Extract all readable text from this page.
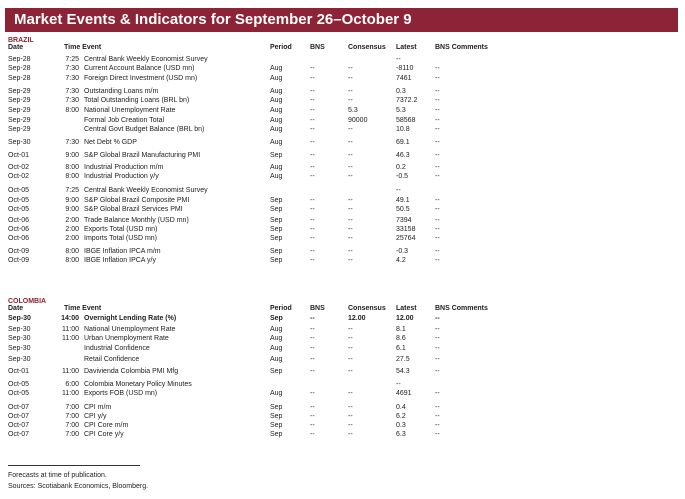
Market Events & Indicators for September 26–October 9
BRAZIL
Date	Time Event	Period	BNS	Consensus Latest	BNS Comments
Sep-28	7:25 Central Bank Weekly Economist Survey	--
Sep-28	7:30 Current Account Balance (USD mn)	Aug	--	--	-8110	--
Sep-28	7:30 Foreign Direct Investment (USD mn)	Aug	--	--	7461	--
Sep-29	7:30 Outstanding Loans m/m	Aug	--	--	0.3	--
Sep-29	7:30 Total Outstanding Loans (BRL bn)	Aug	--	--	7372.2	--
Sep-29	8:00 National Unemployment Rate	Aug	--	5.3	5.3	--
Sep-29	Formal Job Creation Total	Aug	--	90000	58568	--
Sep-29	Central Govt Budget Balance (BRL bn)	Aug	--	--	10.8	--
Sep-30	7:30 Net Debt % GDP	Aug	--	--	69.1	--
Oct-01	9:00 S&P Global Brazil Manufacturing PMI	Sep	--	--	46.3	--
Oct-02	8:00 Industrial Production m/m	Aug	--	--	0.2	--
Oct-02	8:00 Industrial Production y/y	Aug	--	--	-0.5	--
Oct-05	7:25 Central Bank Weekly Economist Survey	--
Oct-05	9:00 S&P Global Brazil Composite PMI	Sep	--	--	49.1	--
Oct-05	9:00 S&P Global Brazil Services PMI	Sep	--	--	50.5	--
Oct-06	2:00 Trade Balance Monthly (USD mn)	Sep	--	--	7394	--
Oct-06	2:00 Exports Total (USD mn)	Sep	--	--	33158	--
Oct-06	2:00 Imports Total (USD mn)	Sep	--	--	25764	--
Oct-09	8:00 IBGE Inflation IPCA m/m	Sep	--	--	-0.3	--
Oct-09	8:00 IBGE Inflation IPCA y/y	Sep	--	--	4.2	--
COLOMBIA
Date	Time Event	Period	BNS	Consensus Latest	BNS Comments
Sep-30	14:00 Overnight Lending Rate (%)	Sep	--	12.00	12.00	--
Sep-30	11:00 National Unemployment Rate	Aug	--	--	8.1	--
Sep-30	11:00 Urban Unemployment Rate	Aug	--	--	8.6	--
Sep-30	Industrial Confidence	Aug	--	--	6.1	--
Sep-30	Retail Confidence	Aug	--	--	27.5	--
Oct-01	11:00 Davivienda Colombia PMI Mfg	Sep	--	--	54.3	--
Oct-05	6:00 Colombia Monetary Policy Minutes	--
Oct-05	11:00 Exports FOB (USD mn)	Aug	--	--	4691	--
Oct-07	7:00 CPI m/m	Sep	--	--	0.4	--
Oct-07	7:00 CPI y/y	Sep	--	--	6.2	--
Oct-07	7:00 CPI Core m/m	Sep	--	--	0.3	--
Oct-07	7:00 CPI Core y/y	Sep	--	--	6.3	--
Forecasts at time of publication.
Sources: Scotiabank Economics, Bloomberg.
